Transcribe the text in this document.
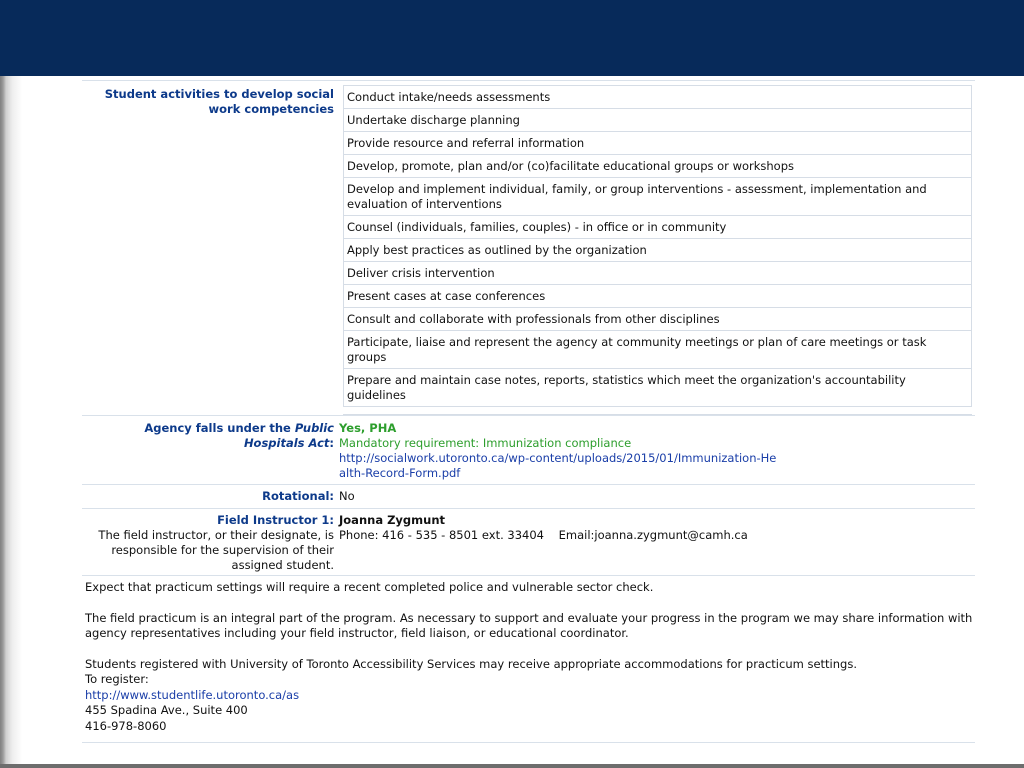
Student activities to develop social work competencies
Conduct intake/needs assessments
Undertake discharge planning
Provide resource and referral information
Develop, promote, plan and/or (co)facilitate educational groups or workshops
Develop and implement individual, family, or group interventions - assessment, implementation and evaluation of interventions
Counsel (individuals, families, couples) - in office or in community
Apply best practices as outlined by the organization
Deliver crisis intervention
Present cases at case conferences
Consult and collaborate with professionals from other disciplines
Participate, liaise and represent the agency at community meetings or plan of care meetings or task groups
Prepare and maintain case notes, reports, statistics which meet the organization's accountability guidelines
Agency falls under the Public Hospitals Act:
Yes, PHA
Mandatory requirement: Immunization compliance
http://socialwork.utoronto.ca/wp-content/uploads/2015/01/Immunization-Health-Record-Form.pdf
Rotational: No
Field Instructor 1:
The field instructor, or their designate, is responsible for the supervision of their assigned student.
Joanna Zygmunt
Phone: 416 - 535 - 8501 ext. 33404 Email:joanna.zygmunt@camh.ca

Expect that practicum settings will require a recent completed police and vulnerable sector check.

The field practicum is an integral part of the program. As necessary to support and evaluate your progress in the program we may share information with agency representatives including your field instructor, field liaison, or educational coordinator.

Students registered with University of Toronto Accessibility Services may receive appropriate accommodations for practicum settings.

To register:

http://www.studentlife.utoronto.ca/as

455 Spadina Ave., Suite 400

416-978-8060
